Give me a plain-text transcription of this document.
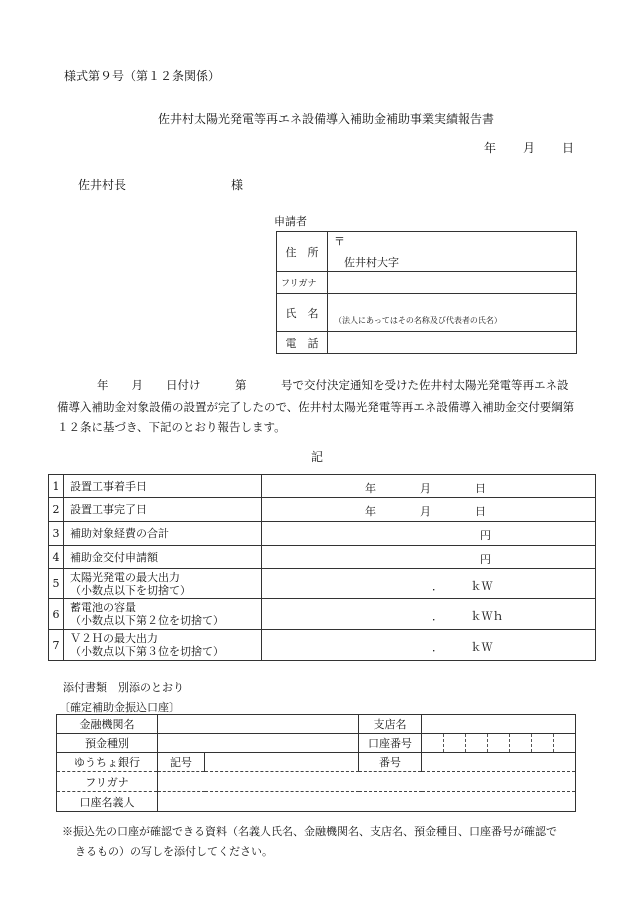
様式第９号（第１２条関係）
佐井村太陽光発電等再エネ設備導入補助金補助事業実績報告書
年　　月　　日
佐井村長	様
申請者
住　所	〒
佐井村大字

フリガナ	
氏　名	（法人にあってはその名称及び代表者の氏名）
電　話	
年　　月　　日付け　　　第　　　号で交付決定通知を受けた佐井村太陽光発電等再エネ設
備導入補助金対象設備の設置が完了したので、佐井村太陽光発電等再エネ設備導入補助金交付要綱第
１２条に基づき、下記のとおり報告します。
記
1	設置工事着手日	年　　　　月　　　　日

2	設置工事完了日	年　　　　月　　　　日

3	補助対象経費の合計	円

4	補助金交付申請額	円

5	太陽光発電の最大出力
（小数点以下を切捨て）	．　　　ｋＷ

6	蓄電池の容量
（小数点以下第２位を切捨て）	．　　　ｋＷｈ

7	Ｖ２Ｈの最大出力
（小数点以下第３位を切捨て）	．　　　ｋＷ
添付書類　別添のとおり
〔確定補助金振込口座〕
金融機関名			支店名	
預金種別			口座番号	

ゆうちょ銀行	記号		番号	
フリガナ				
口座名義人				
※振込先の口座が確認できる資料（名義人氏名、金融機関名、支店名、預金種目、口座番号が確認で
きるもの）の写しを添付してください。
